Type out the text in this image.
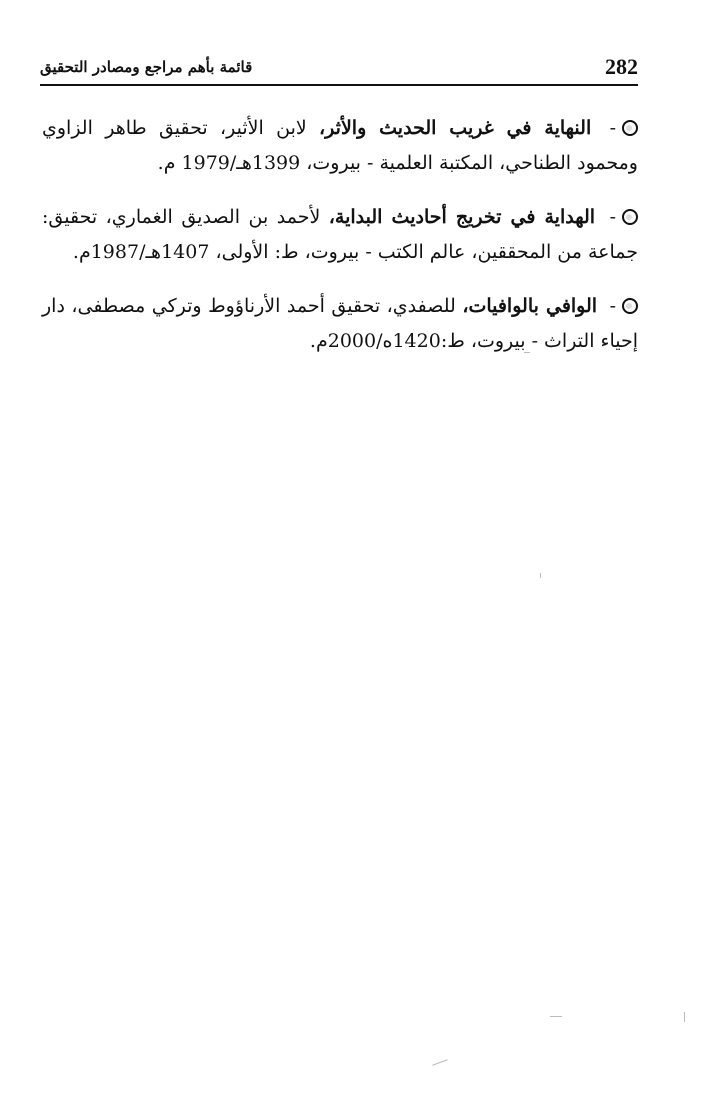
282
قائمة بأهم مراجع ومصادر التحقيق

- النهاية في غريب الحديث والأثر، لابن الأثير، تحقيق طاهر الزاوي ومحمود الطناحي، المكتبة العلمية - بيروت، 1399هـ/1979 م.

- الهداية في تخريج أحاديث البداية، لأحمد بن الصديق الغماري، تحقيق: جماعة من المحققين، عالم الكتب - بيروت، ط: الأولى، 1407هـ/1987م.

- الوافي بالوافيات، للصفدي، تحقيق أحمد الأرناؤوط وتركي مصطفى، دار إحياء التراث - بيروت، ط:1420ه/2000م.
